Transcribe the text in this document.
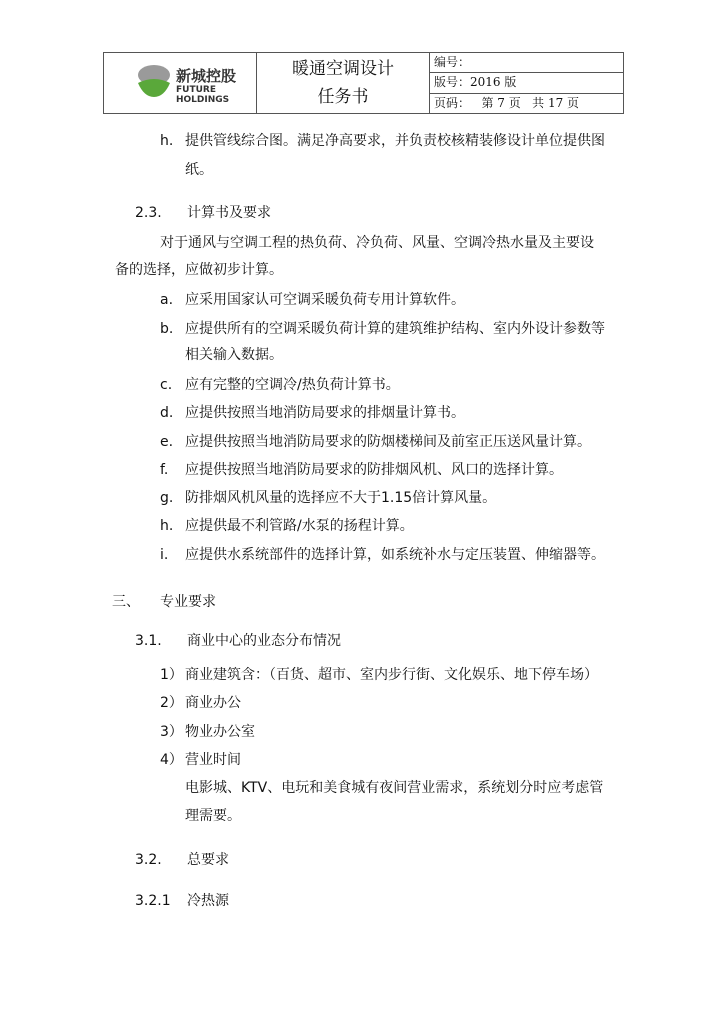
新城控股
FUTURE
HOLDINGS
暖通空调设计
任务书
编号：
版号：2016 版
页码：   第 7 页   共 17 页
h. 提供管线综合图。满足净高要求，并负责校核精装修设计单位提供图
纸。
2.3. 计算书及要求
对于通风与空调工程的热负荷、冷负荷、风量、空调冷热水量及主要设
备的选择，应做初步计算。
a. 应采用国家认可空调采暖负荷专用计算软件。
b. 应提供所有的空调采暖负荷计算的建筑维护结构、室内外设计参数等
相关输入数据。
c. 应有完整的空调冷/热负荷计算书。
d. 应提供按照当地消防局要求的排烟量计算书。
e. 应提供按照当地消防局要求的防烟楼梯间及前室正压送风量计算。
f. 应提供按照当地消防局要求的防排烟风机、风口的选择计算。
g. 防排烟风机风量的选择应不大于1.15倍计算风量。
h. 应提供最不利管路/水泵的扬程计算。
i. 应提供水系统部件的选择计算，如系统补水与定压装置、伸缩器等。
三、 专业要求
3.1. 商业中心的业态分布情况
1） 商业建筑含：（百货、超市、室内步行街、文化娱乐、地下停车场）
2） 商业办公
3） 物业办公室
4） 营业时间
电影城、KTV、电玩和美食城有夜间营业需求，系统划分时应考虑管
理需要。
3.2. 总要求
3.2.1 冷热源
